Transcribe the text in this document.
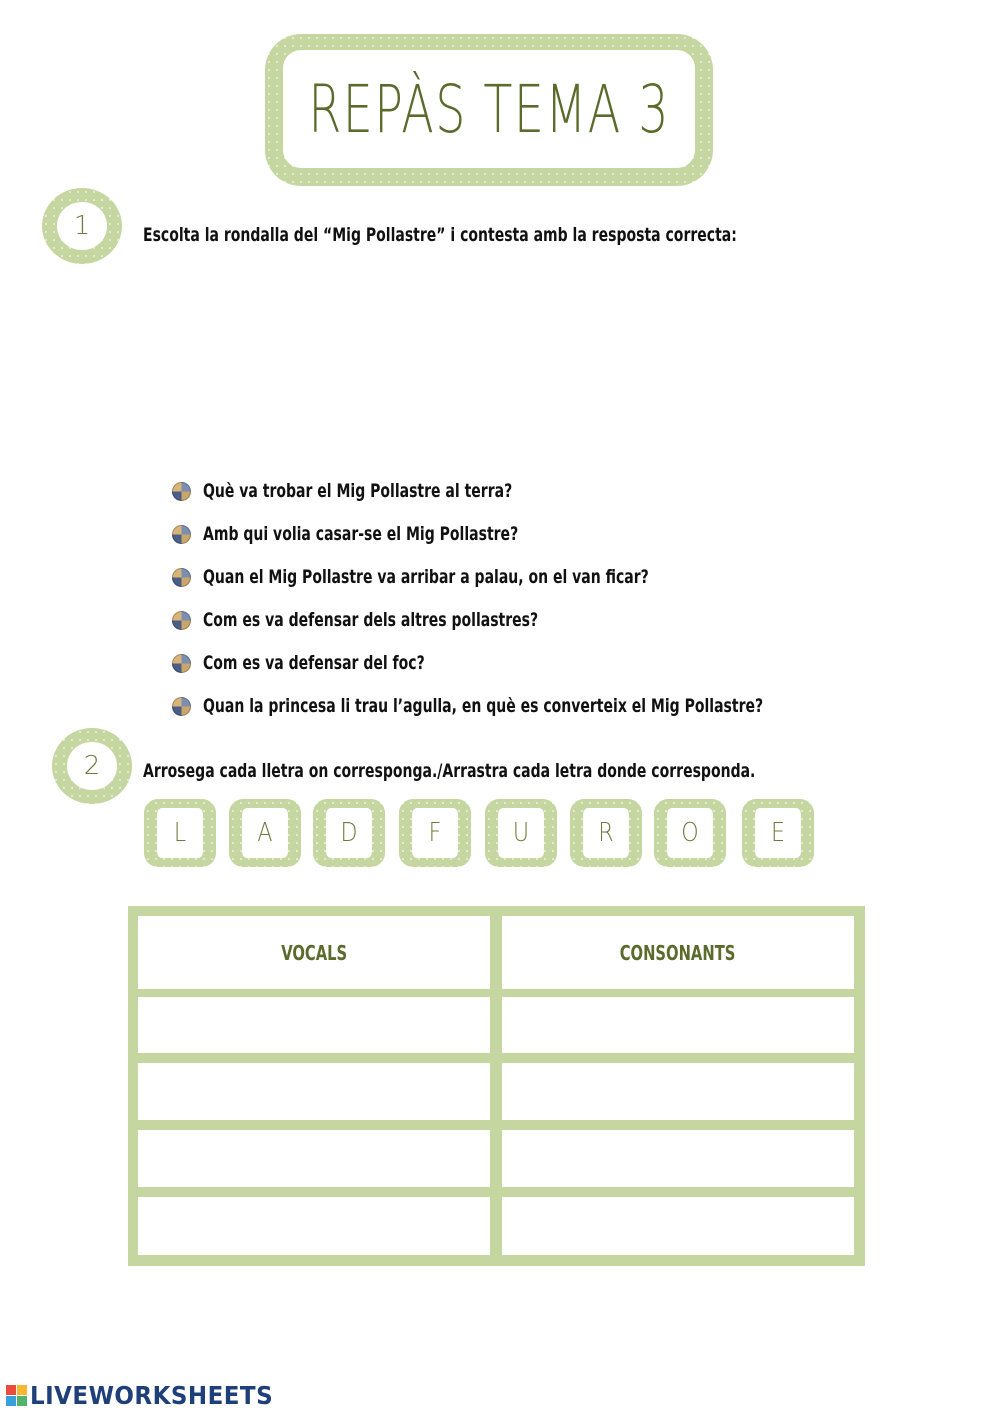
REPÀS TEMA 3
1	Escolta la rondalla del “Mig Pollastre” i contesta amb la resposta correcta:
Què va trobar el Mig Pollastre al terra?
Amb qui volia casar-se el Mig Pollastre?
Quan el Mig Pollastre va arribar a palau, on el van ficar?
Com es va defensar dels altres pollastres?
Com es va defensar del foc?
Quan la princesa li trau l’agulla, en què es converteix el Mig Pollastre?
2	Arrosega cada lletra on corresponga./Arrastra cada letra donde corresponda.
L	A	D	F	U	R	O	E
VOCALS	CONSONANTS
LIVEWORKSHEETS
